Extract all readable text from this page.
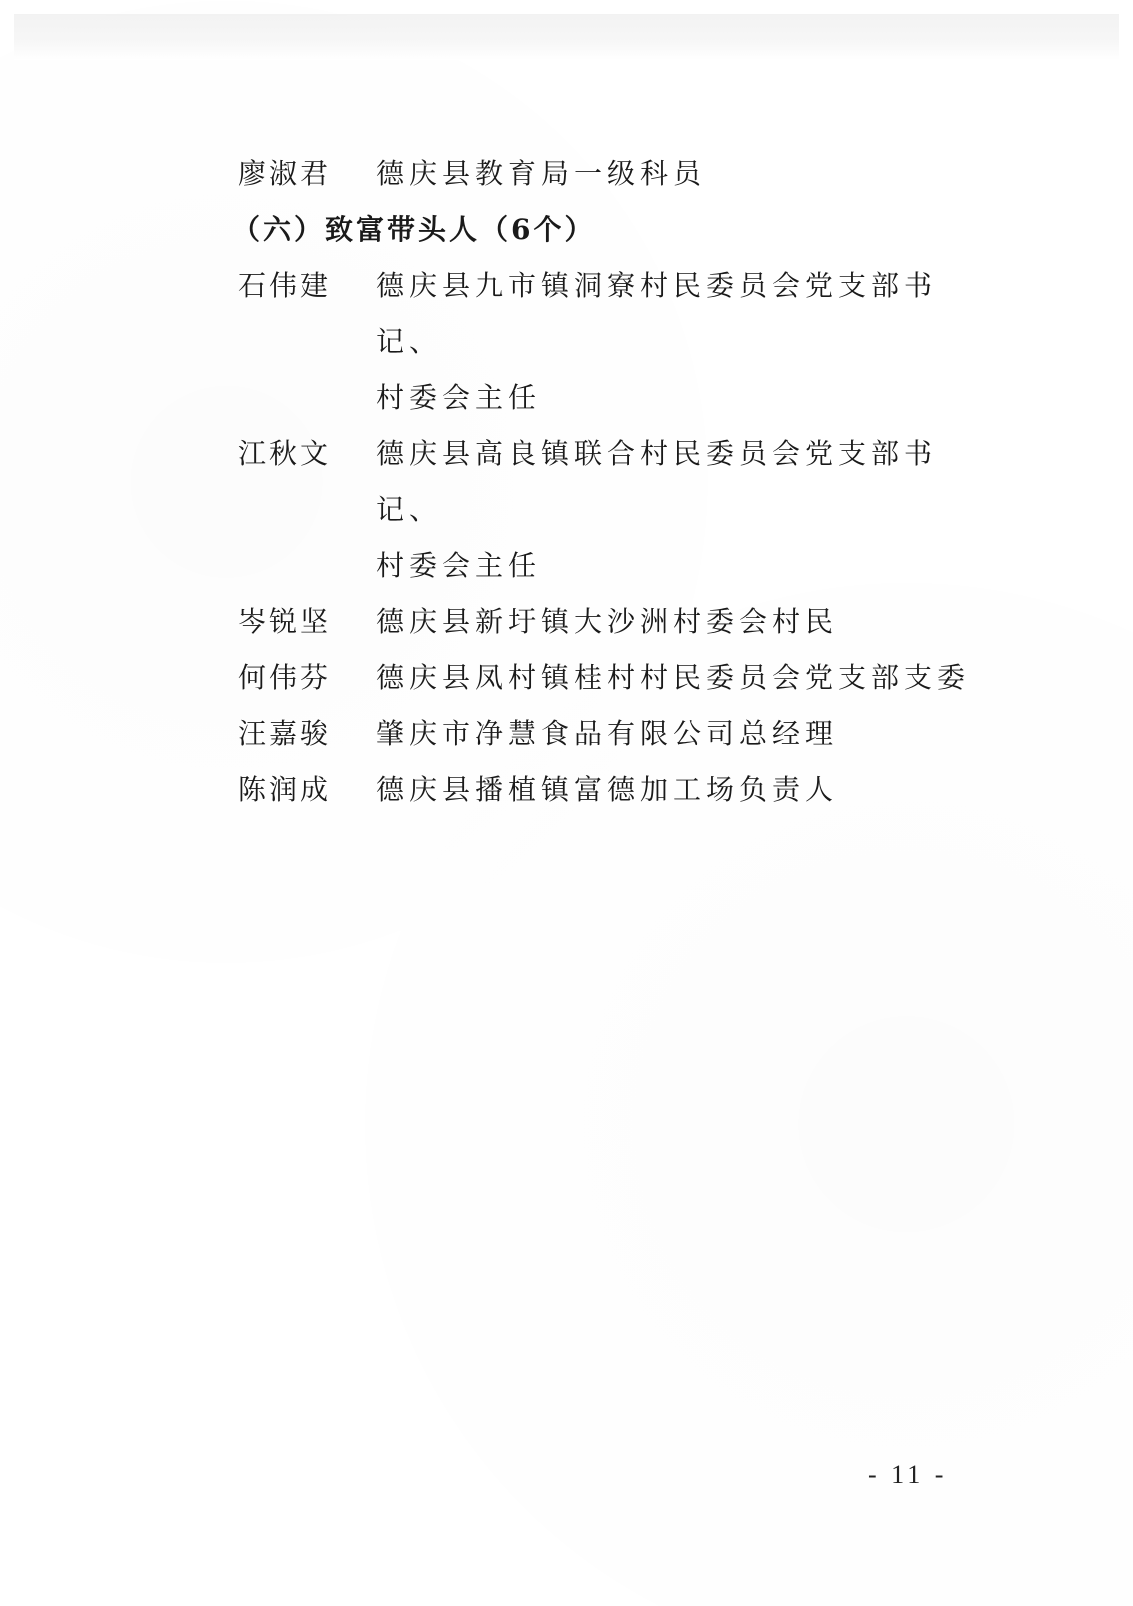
廖淑君	德庆县教育局一级科员
（六）致富带头人（6个）
石伟建	德庆县九市镇洞寮村民委员会党支部书记、
村委会主任
江秋文	德庆县高良镇联合村民委员会党支部书记、
村委会主任
岑锐坚	德庆县新圩镇大沙洲村委会村民
何伟芬	德庆县凤村镇桂村村民委员会党支部支委
汪嘉骏	肇庆市净慧食品有限公司总经理
陈润成	德庆县播植镇富德加工场负责人
- 11 -
